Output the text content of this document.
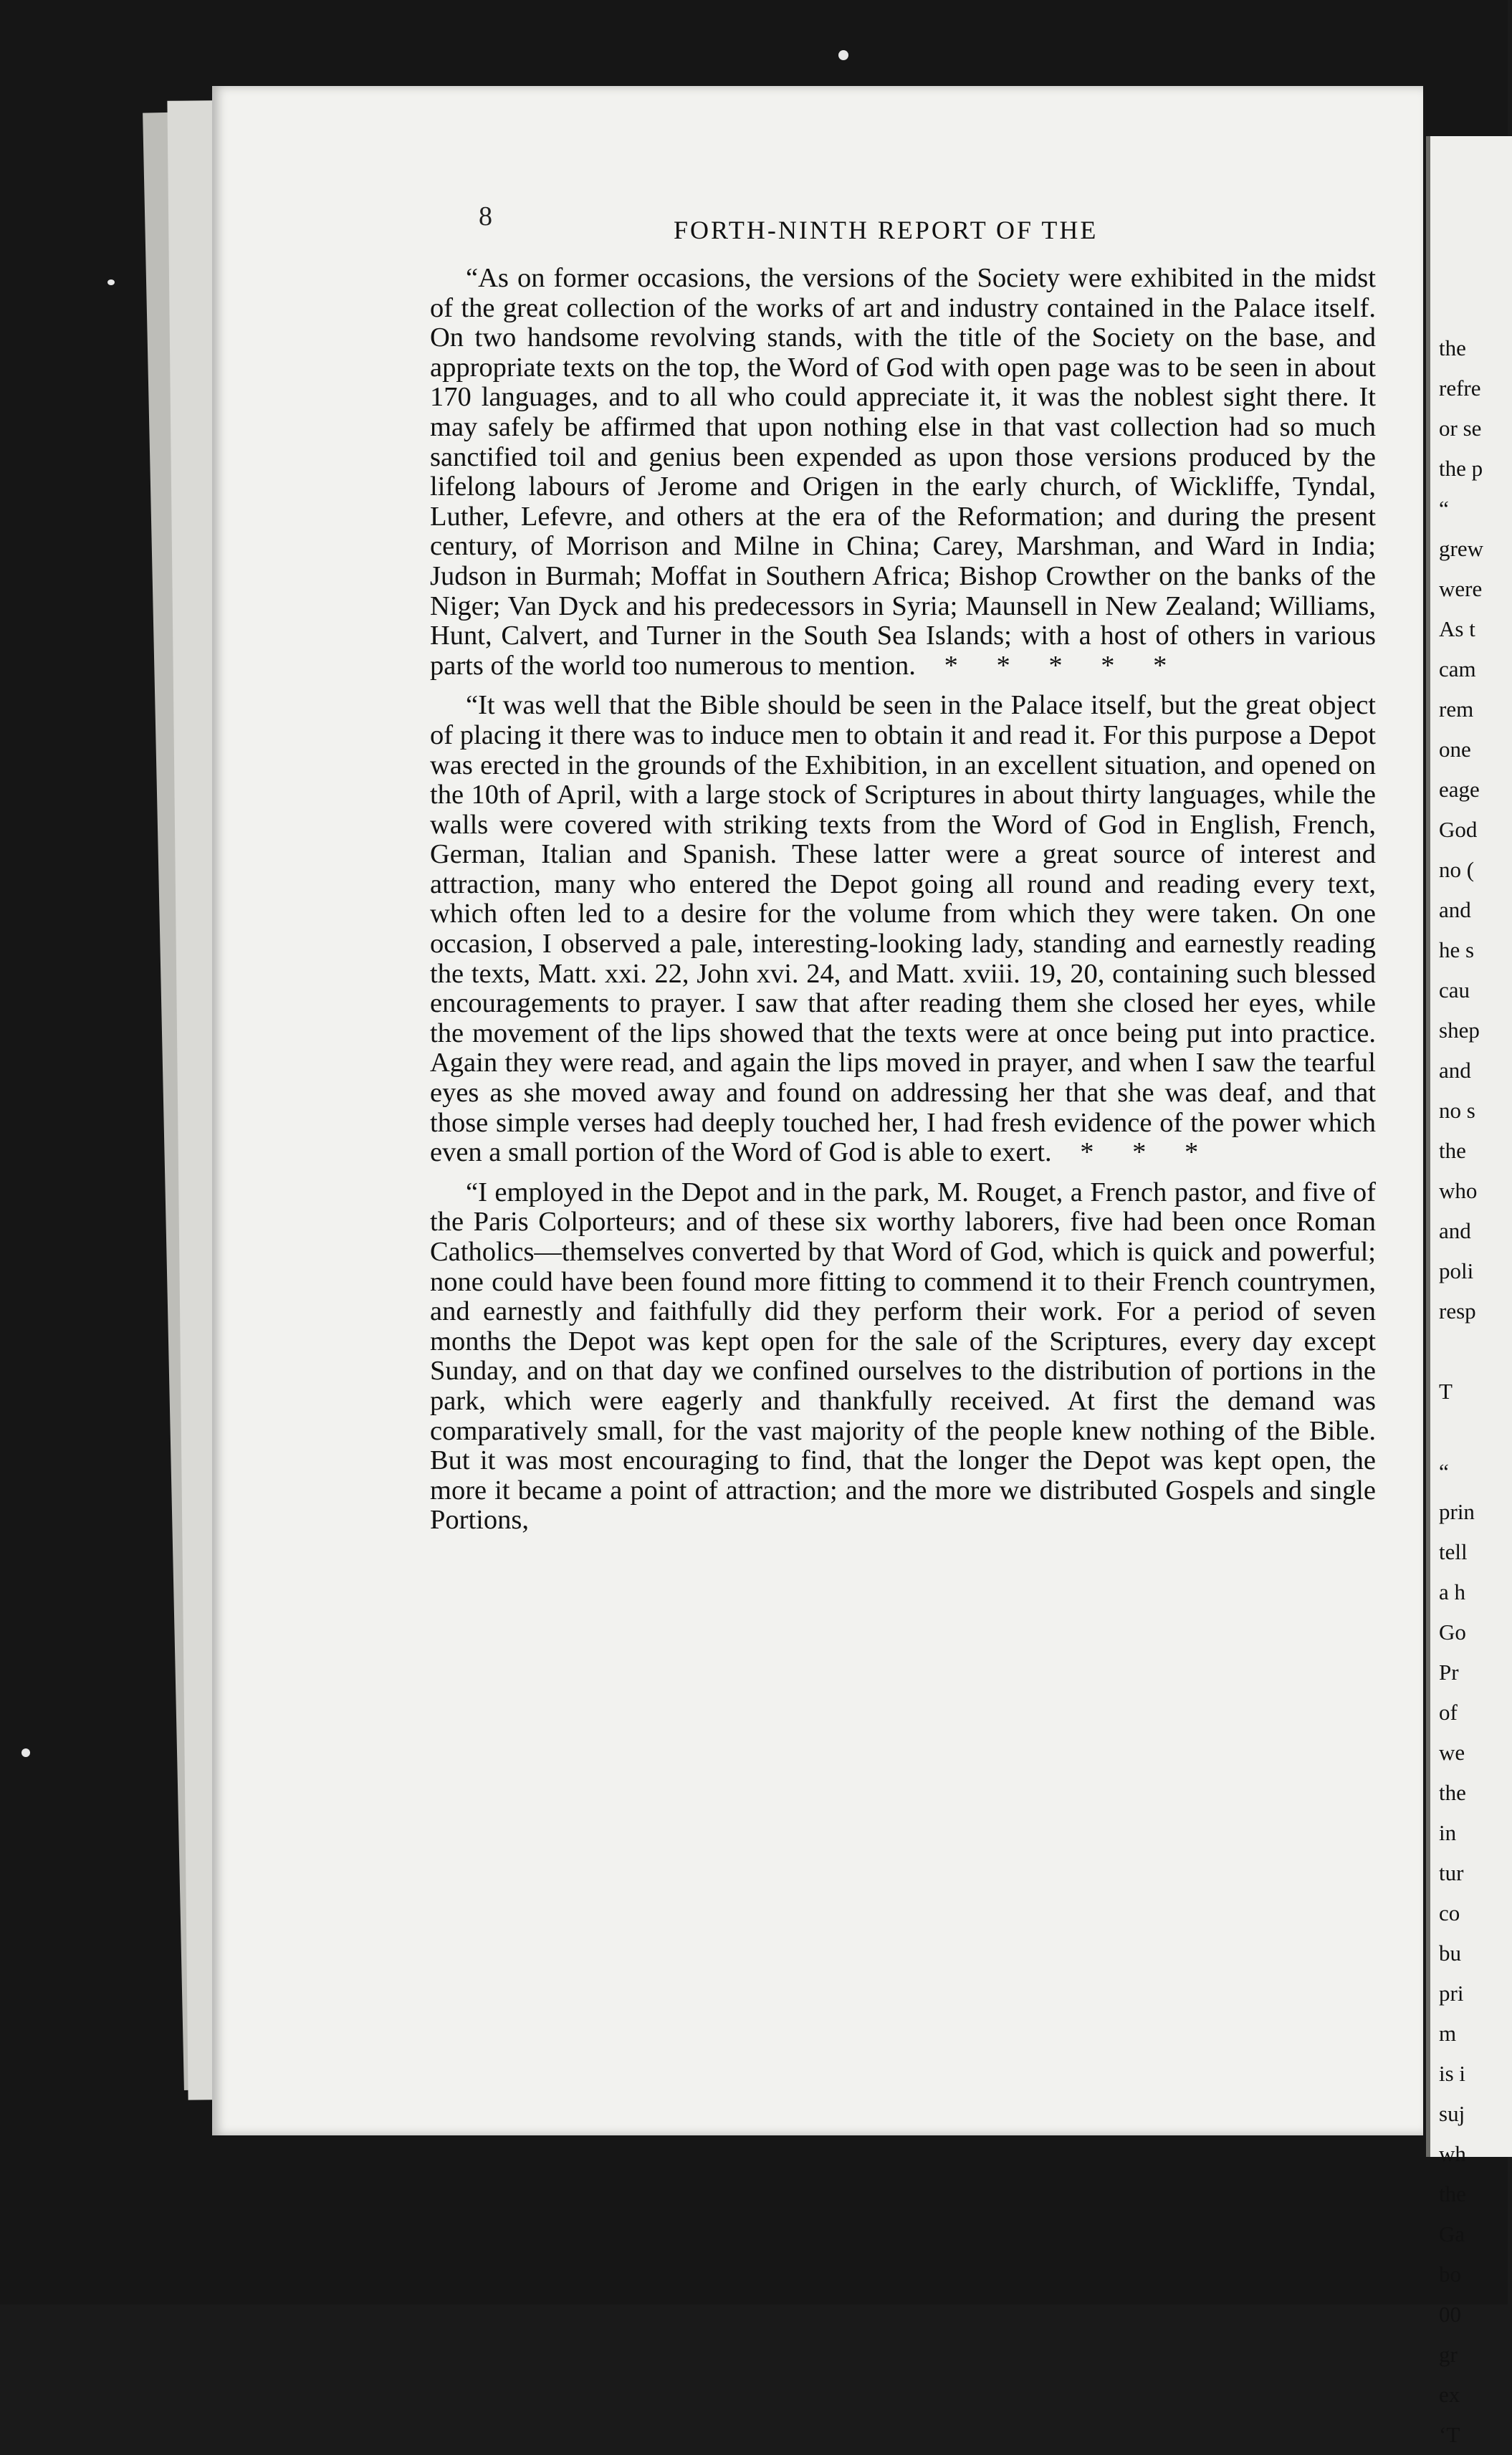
8	FORTH-NINTH REPORT OF THE

“As on former occasions, the versions of the Society were exhibited in the midst of the great collection of the works of art and industry contained in the Palace itself. On two handsome revolving stands, with the title of the Society on the base, and appropriate texts on the top, the Word of God with open page was to be seen in about 170 languages, and to all who could appreciate it, it was the noblest sight there. It may safely be affirmed that upon nothing else in that vast collection had so much sanctified toil and genius been expended as upon those versions produced by the lifelong labours of Jerome and Origen in the early church, of Wickliffe, Tyndal, Luther, Lefevre, and others at the era of the Reformation; and during the present century, of Morrison and Milne in China; Carey, Marshman, and Ward in India; Judson in Burmah; Moffat in Southern Africa; Bishop Crowther on the banks of the Niger; Van Dyck and his predecessors in Syria; Maunsell in New Zealand; Williams, Hunt, Calvert, and Turner in the South Sea Islands; with a host of others in various parts of the world too numerous to mention. * * * * *

“It was well that the Bible should be seen in the Palace itself, but the great object of placing it there was to induce men to obtain it and read it. For this purpose a Depot was erected in the grounds of the Exhibition, in an excellent situation, and opened on the 10th of April, with a large stock of Scriptures in about thirty languages, while the walls were covered with striking texts from the Word of God in English, French, German, Italian and Spanish. These latter were a great source of interest and attraction, many who entered the Depot going all round and reading every text, which often led to a desire for the volume from which they were taken. On one occasion, I observed a pale, interesting-looking lady, standing and earnestly reading the texts, Matt. xxi. 22, John xvi. 24, and Matt. xviii. 19, 20, containing such blessed encouragements to prayer. I saw that after reading them she closed her eyes, while the movement of the lips showed that the texts were at once being put into practice. Again they were read, and again the lips moved in prayer, and when I saw the tearful eyes as she moved away and found on addressing her that she was deaf, and that those simple verses had deeply touched her, I had fresh evidence of the power which even a small portion of the Word of God is able to exert. * * *

“I employed in the Depot and in the park, M. Rouget, a French pastor, and five of the Paris Colporteurs; and of these six worthy laborers, five had been once Roman Catholics—themselves converted by that Word of God, which is quick and powerful; none could have been found more fitting to commend it to their French countrymen, and earnestly and faithfully did they perform their work. For a period of seven months the Depot was kept open for the sale of the Scriptures, every day except Sunday, and on that day we confined ourselves to the distribution of portions in the park, which were eagerly and thankfully received. At first the demand was comparatively small, for the vast majority of the people knew nothing of the Bible. But it was most encouraging to find, that the longer the Depot was kept open, the more it became a point of attraction; and the more we distributed Gospels and single Portions,

the
refre
or se
the p
“
grew
were
As t
cam
rem
one
eage
God
no (
and
he s
cau
shep
and
no s
the
who
and
poli
resp
T
“
prin
tell
a h
Go
Pr
of
we
the
in
tur
co
bu
pri
m
is i
suj
wh
the
Ga
bo
00
gr
ex
‘T
